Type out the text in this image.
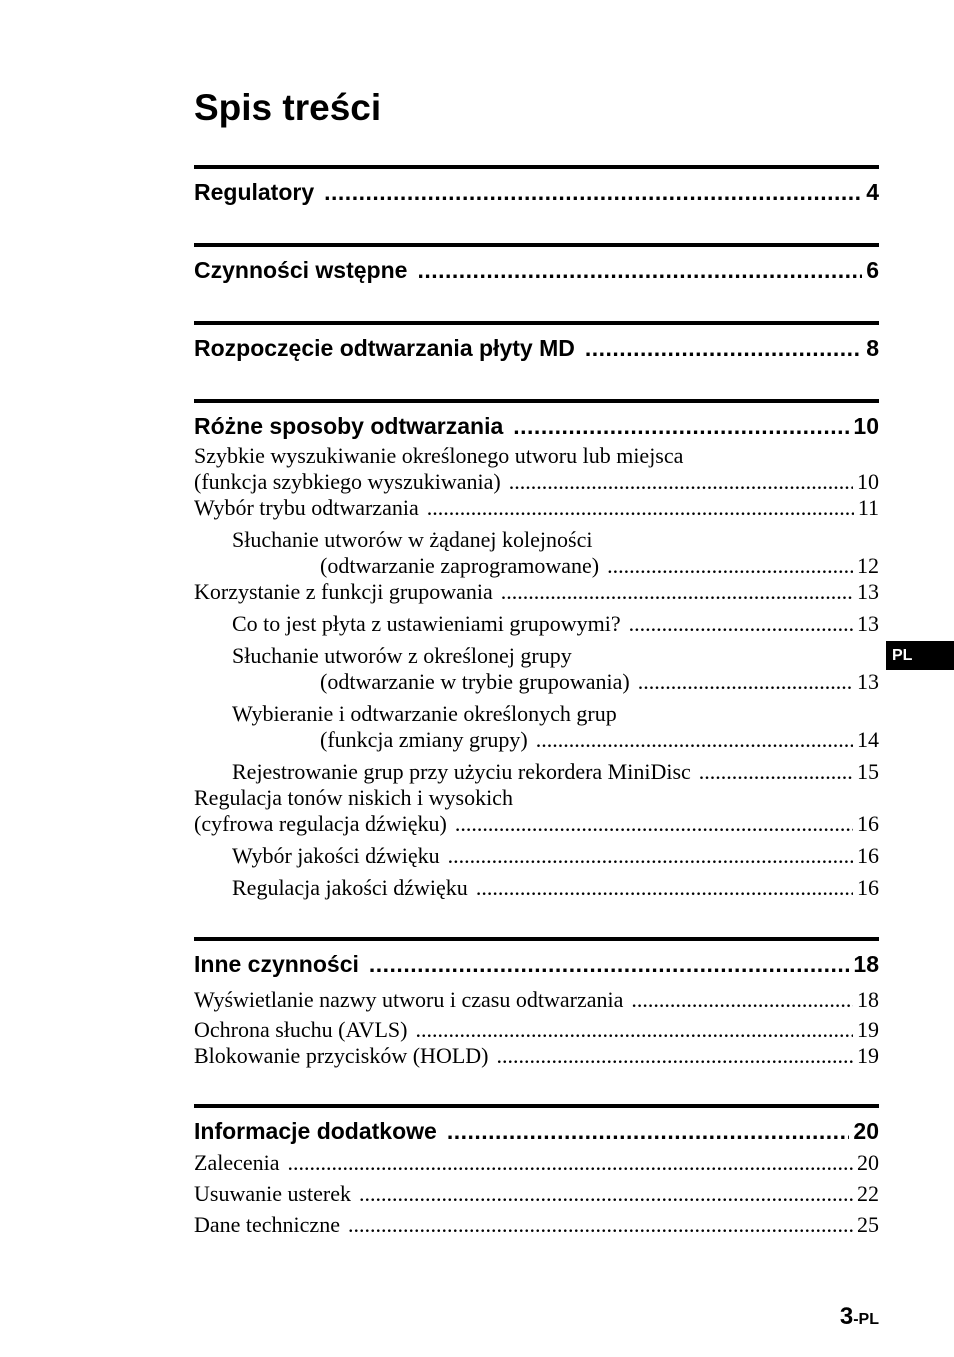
Spis treści
Regulatory .....	4
Czynności wstępne .....	6
Rozpoczęcie odtwarzania płyty MD .....	8
Różne sposoby odtwarzania .....	10
Szybkie wyszukiwanie określonego utworu lub miejsca
(funkcja szybkiego wyszukiwania) .....	10
Wybór trybu odtwarzania .....	11
Słuchanie utworów w żądanej kolejności
(odtwarzanie zaprogramowane) .....	12
Korzystanie z funkcji grupowania .....	13
Co to jest płyta z ustawieniami grupowymi? .....	13
Słuchanie utworów z określonej grupy
(odtwarzanie w trybie grupowania) .....	13
Wybieranie i odtwarzanie określonych grup
(funkcja zmiany grupy) .....	14
Rejestrowanie grup przy użyciu rekordera MiniDisc .....	15
Regulacja tonów niskich i wysokich
(cyfrowa regulacja dźwięku) .....	16
Wybór jakości dźwięku .....	16
Regulacja jakości dźwięku .....	16
Inne czynności .....	18
Wyświetlanie nazwy utworu i czasu odtwarzania .....	18
Ochrona słuchu (AVLS) .....	19
Blokowanie przycisków (HOLD) .....	19
Informacje dodatkowe .....	20
Zalecenia .....	20
Usuwanie usterek .....	22
Dane techniczne .....	25
PL
3-PL
